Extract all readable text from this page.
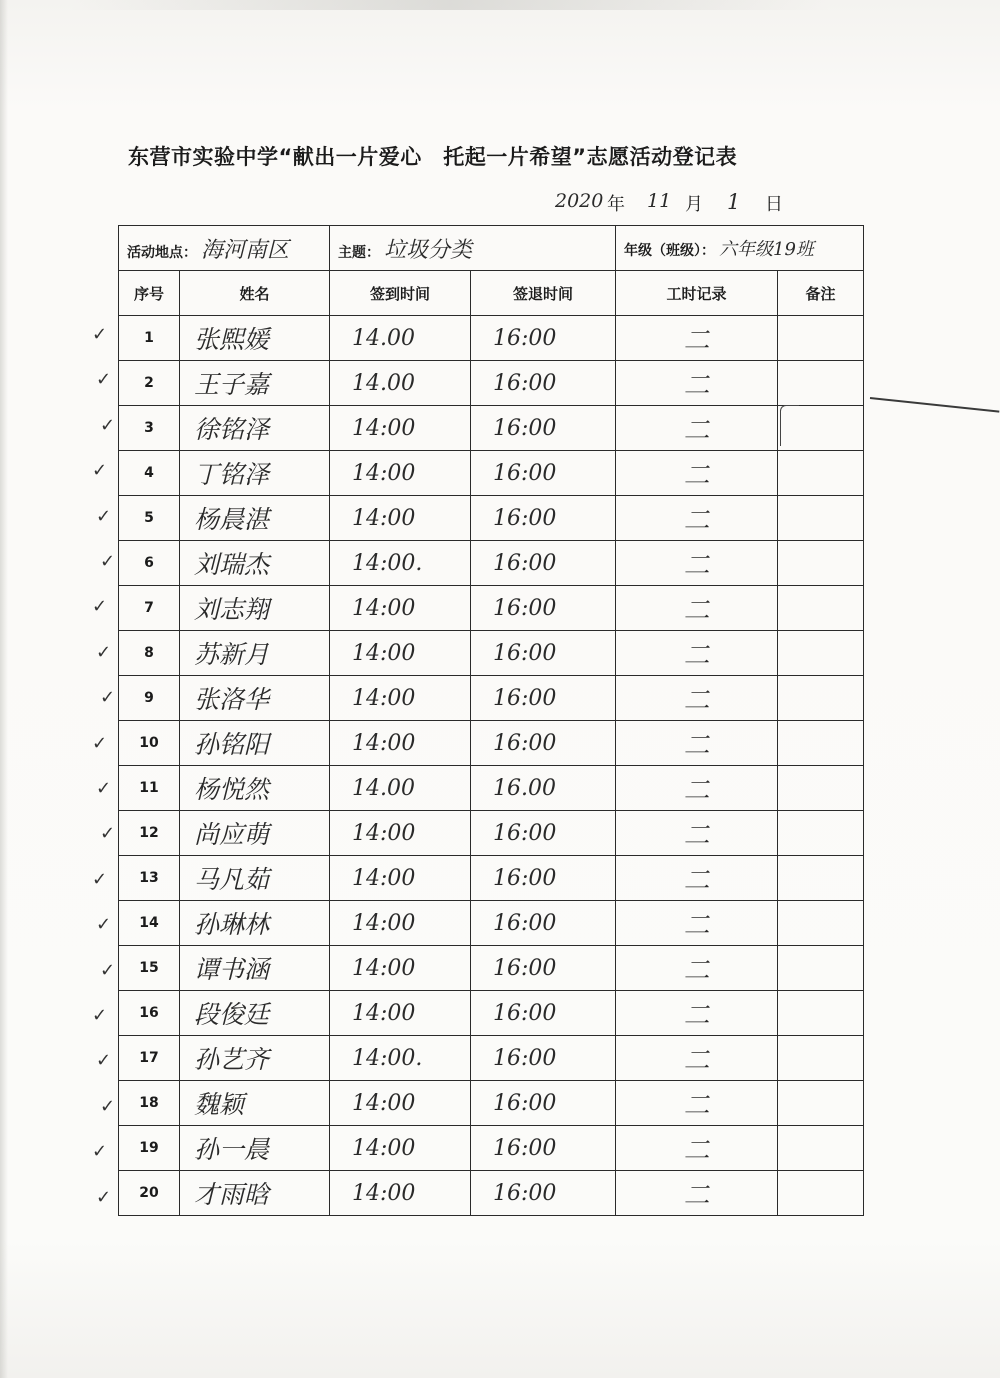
东营市实验中学“献出一片爱心　托起一片希望”志愿活动登记表
2020 年 11 月 1 日
活动地点： 海河南区		主题： 垃圾分类		年级（班级）： 六年级19班	
序号	姓名	签到时间	签退时间	工时记录	备注
1	张熙媛	14.00	16:00	二	
2	王子嘉	14.00	16:00	二	
3	徐铭泽	14:00	16:00	二	
4	丁铭泽	14:00	16:00	二	
5	杨晨湛	14:00	16:00	二	
6	刘瑞杰	14:00.	16:00	二	
7	刘志翔	14:00	16:00	二	
8	苏新月	14:00	16:00	二	
9	张洛华	14:00	16:00	二	
10	孙铭阳	14:00	16:00	二	
11	杨悦然	14.00	16.00	二	
12	尚应萌	14:00	16:00	二	
13	马凡茹	14:00	16:00	二	
14	孙琳林	14:00	16:00	二	
15	谭书涵	14:00	16:00	二	
16	段俊廷	14:00	16:00	二	
17	孙艺齐	14:00.	16:00	二	
18	魏颖	14:00	16:00	二	
19	孙一晨	14:00	16:00	二	
20	才雨晗	14:00	16:00	二	
✓
✓
✓
✓
✓
✓
✓
✓
✓
✓
✓
✓
✓
✓
✓
✓
✓
✓
✓
✓
